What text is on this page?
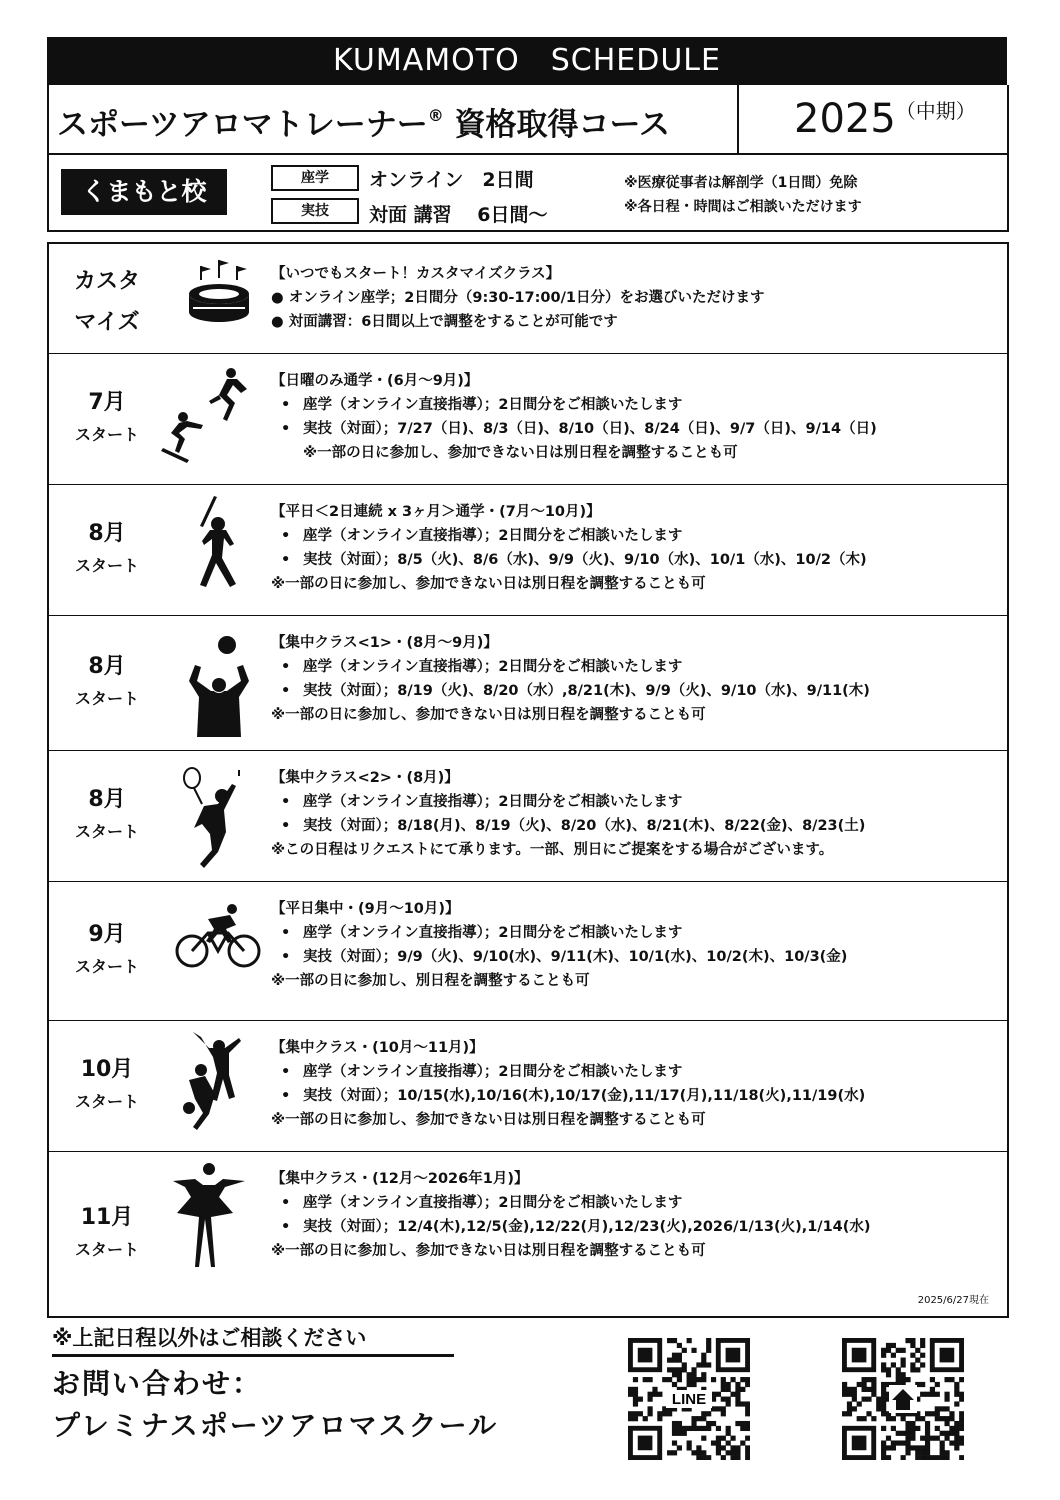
KUMAMOTO　SCHEDULE
スポーツアロマトレーナー® 資格取得コース	$2025^{(中期)}$
くまもと校	座学	オンライン　2日間
実技	対面 講習　 6日間～
※医療従事者は解剖学（1日間）免除
※各日程・時間はご相談いただけます
カスタ
マイズ
【いつでもスタート！カスタマイズクラス】
● オンライン座学；2日間分（9:30-17:00/1日分）をお選びいただけます
● 対面講習：6日間以上で調整をすることが可能です
7月
スタート
【日曜のみ通学・(6月～9月)】
• 座学（オンライン直接指導）；2日間分をご相談いたします
• 実技（対面）；7/27（日)、8/3（日)、8/10（日)、8/24（日)、9/7（日)、9/14（日)
※一部の日に参加し、参加できない日は別日程を調整することも可
8月
スタート
【平日＜2日連続 x 3ヶ月＞通学・(7月～10月)】
• 座学（オンライン直接指導）；2日間分をご相談いたします
• 実技（対面）；8/5（火)、8/6（水)、9/9（火)、9/10（水)、10/1（水)、10/2（木)
※一部の日に参加し、参加できない日は別日程を調整することも可
8月
スタート
【集中クラス<1>・(8月～9月)】
• 座学（オンライン直接指導）；2日間分をご相談いたします
• 実技（対面）；8/19（火)、8/20（水）,8/21(木)、9/9（火)、9/10（水)、9/11(木)
※一部の日に参加し、参加できない日は別日程を調整することも可
8月
スタート
【集中クラス<2>・(8月)】
• 座学（オンライン直接指導）；2日間分をご相談いたします
• 実技（対面）；8/18(月)、8/19（火)、8/20（水)、8/21(木)、8/22(金)、8/23(土)
※この日程はリクエストにて承ります。一部、別日にご提案をする場合がございます。
9月
スタート
【平日集中・(9月～10月)】
• 座学（オンライン直接指導）；2日間分をご相談いたします
• 実技（対面）；9/9（火)、9/10(水)、9/11(木)、10/1(水)、10/2(木)、10/3(金)
※一部の日に参加し、別日程を調整することも可
10月
スタート
【集中クラス・(10月～11月)】
• 座学（オンライン直接指導）；2日間分をご相談いたします
• 実技（対面）；10/15(水),10/16(木),10/17(金),11/17(月),11/18(火),11/19(水)
※一部の日に参加し、参加できない日は別日程を調整することも可
11月
スタート
【集中クラス・(12月～2026年1月)】
• 座学（オンライン直接指導）；2日間分をご相談いたします
• 実技（対面）；12/4(木),12/5(金),12/22(月),12/23(火),2026/1/13(火),1/14(水)
※一部の日に参加し、参加できない日は別日程を調整することも可
2025/6/27現在
※上記日程以外はご相談ください
お問い合わせ：
プレミナスポーツアロマスクール
LINE
